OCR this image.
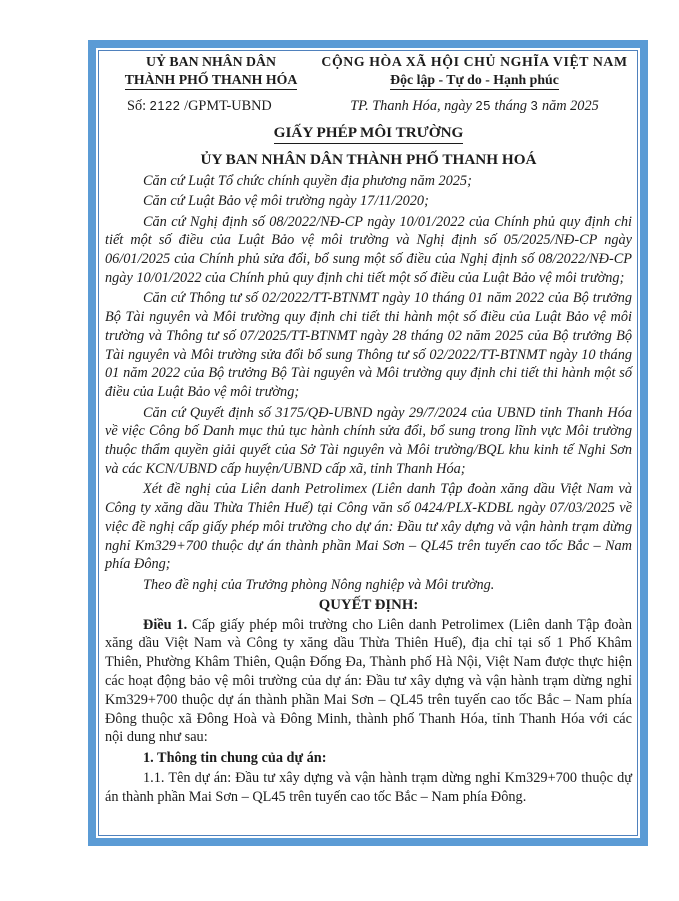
UỶ BAN NHÂN DÂN
THÀNH PHỐ THANH HÓA
CỘNG HÒA XÃ HỘI CHỦ NGHĨA VIỆT NAM
Độc lập - Tự do - Hạnh phúc
Số: 2122 /GPMT-UBND	TP. Thanh Hóa, ngày 25 tháng 3 năm 2025
GIẤY PHÉP MÔI TRƯỜNG
ỦY BAN NHÂN DÂN THÀNH PHỐ THANH HOÁ

Căn cứ Luật Tổ chức chính quyền địa phương năm 2025;

Căn cứ Luật Bảo vệ môi trường ngày 17/11/2020;

Căn cứ Nghị định số 08/2022/NĐ-CP ngày 10/01/2022 của Chính phủ quy định chi tiết một số điều của Luật Bảo vệ môi trường và Nghị định số 05/2025/NĐ-CP ngày 06/01/2025 của Chính phủ sửa đổi, bổ sung một số điều của Nghị định số 08/2022/NĐ-CP ngày 10/01/2022 của Chính phủ quy định chi tiết một số điều của Luật Bảo vệ môi trường;

Căn cứ Thông tư số 02/2022/TT-BTNMT ngày 10 tháng 01 năm 2022 của Bộ trưởng Bộ Tài nguyên và Môi trường quy định chi tiết thi hành một số điều của Luật Bảo vệ môi trường và Thông tư số 07/2025/TT-BTNMT ngày 28 tháng 02 năm 2025 của Bộ trưởng Bộ Tài nguyên và Môi trường sửa đổi bổ sung Thông tư số 02/2022/TT-BTNMT ngày 10 tháng 01 năm 2022 của Bộ trưởng Bộ Tài nguyên và Môi trường quy định chi tiết thi hành một số điều của Luật Bảo vệ môi trường;

Căn cứ Quyết định số 3175/QĐ-UBND ngày 29/7/2024 của UBND tỉnh Thanh Hóa về việc Công bố Danh mục thủ tục hành chính sửa đổi, bổ sung trong lĩnh vực Môi trường thuộc thẩm quyền giải quyết của Sở Tài nguyên và Môi trường/BQL khu kinh tế Nghi Sơn và các KCN/UBND cấp huyện/UBND cấp xã, tỉnh Thanh Hóa;

Xét đề nghị của Liên danh Petrolimex (Liên danh Tập đoàn xăng dầu Việt Nam và Công ty xăng dầu Thừa Thiên Huế) tại Công văn số 0424/PLX-KDBL ngày 07/03/2025 về việc đề nghị cấp giấy phép môi trường cho dự án: Đầu tư xây dựng và vận hành trạm dừng nghỉ Km329+700 thuộc dự án thành phần Mai Sơn – QL45 trên tuyến cao tốc Bắc – Nam phía Đông;

Theo đề nghị của Trưởng phòng Nông nghiệp và Môi trường.

QUYẾT ĐỊNH:

Điều 1. Cấp giấy phép môi trường cho Liên danh Petrolimex (Liên danh Tập đoàn xăng dầu Việt Nam và Công ty xăng dầu Thừa Thiên Huế), địa chỉ tại số 1 Phố Khâm Thiên, Phường Khâm Thiên, Quận Đống Đa, Thành phố Hà Nội, Việt Nam được thực hiện các hoạt động bảo vệ môi trường của dự án: Đầu tư xây dựng và vận hành trạm dừng nghỉ Km329+700 thuộc dự án thành phần Mai Sơn – QL45 trên tuyến cao tốc Bắc – Nam phía Đông thuộc xã Đông Hoà và Đông Minh, thành phố Thanh Hóa, tỉnh Thanh Hóa với các nội dung như sau:

1. Thông tin chung của dự án:

1.1. Tên dự án: Đầu tư xây dựng và vận hành trạm dừng nghỉ Km329+700 thuộc dự án thành phần Mai Sơn – QL45 trên tuyến cao tốc Bắc – Nam phía Đông.
